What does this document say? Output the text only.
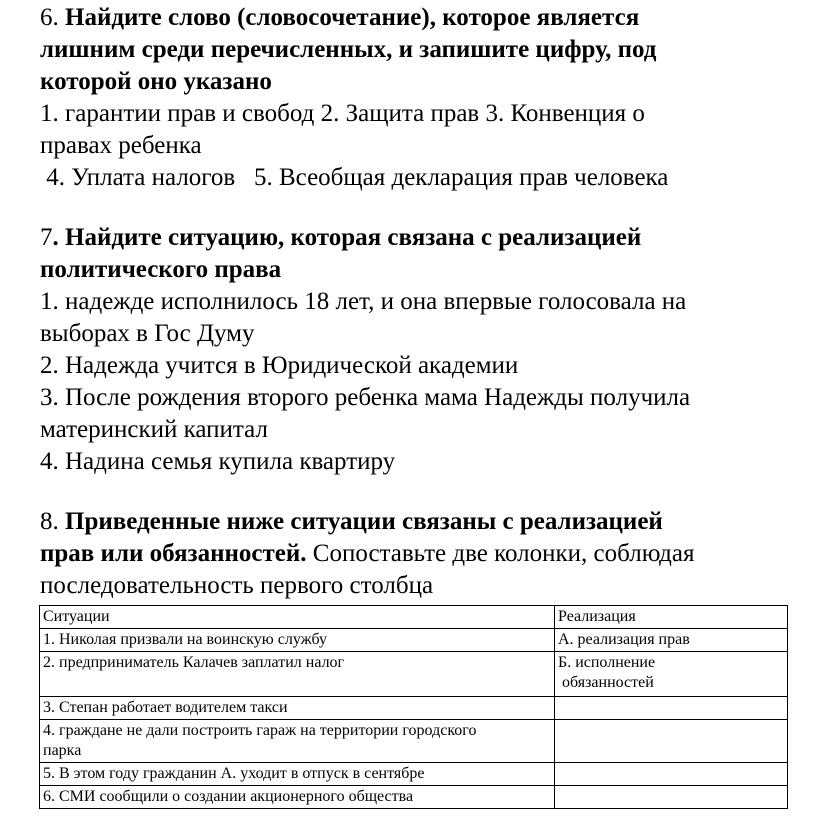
6. Найдите слово (словосочетание), которое является
лишним среди перечисленных, и запишите цифру, под
которой оно указано
1. гарантии прав и свобод 2. Защита прав 3. Конвенция о
правах ребенка
4. Уплата налогов   5. Всеобщая декларация прав человека
7. Найдите ситуацию, которая связана с реализацией
политического права
1. надежде исполнилось 18 лет, и она впервые голосовала на
выборах в Гос Думу
2. Надежда учится в Юридической академии
3. После рождения второго ребенка мама Надежды получила
материнский капитал
4. Надина семья купила квартиру
8. Приведенные ниже ситуации связаны с реализацией
прав или обязанностей. Сопоставьте две колонки, соблюдая
последовательность первого столбца
Ситуации	Реализация
1. Николая призвали на воинскую службу	А. реализация прав
2. предприниматель Калачев заплатил налог	Б. исполнение
обязанностей
3. Степан работает водителем такси	

4. граждане не дали построить гараж на территории городского
парка	

5. В этом году гражданин А. уходит в отпуск в сентябре	
6. СМИ сообщили о создании акционерного общества	
